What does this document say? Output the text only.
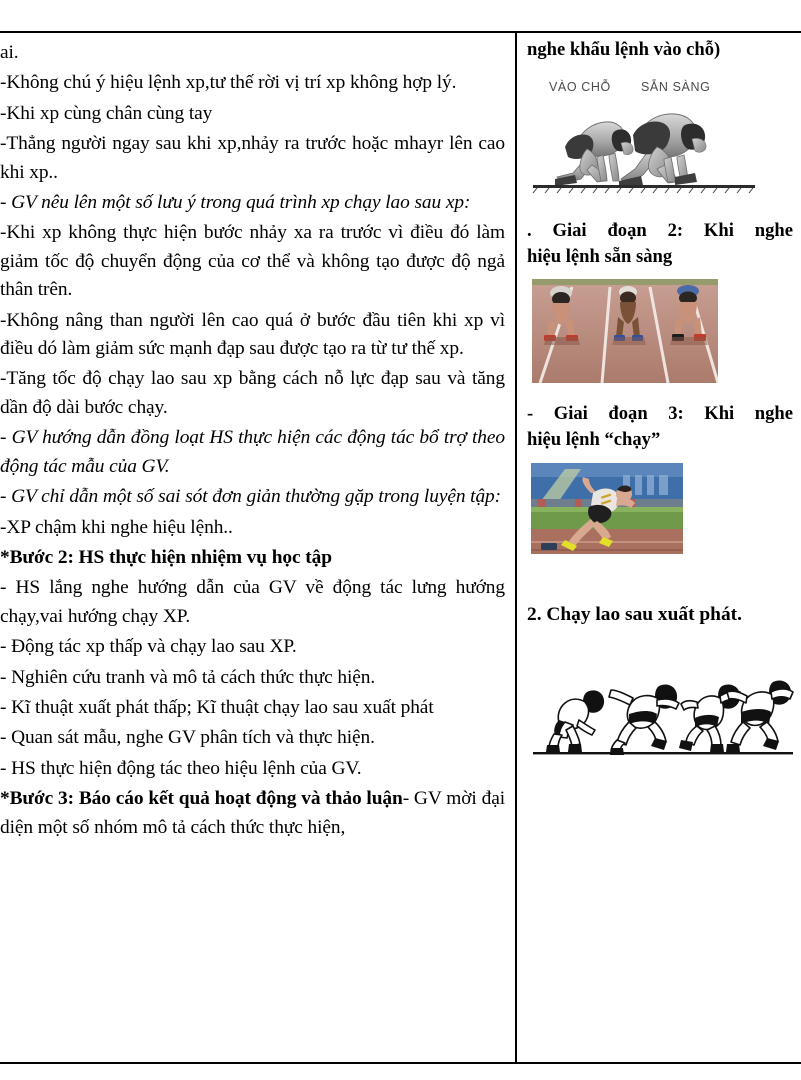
ai.

-Không chú ý hiệu lệnh xp,tư thế rời vị trí xp không hợp lý.

-Khi xp cùng chân cùng tay

-Thẳng người ngay sau khi xp,nhảy ra trước hoặc mhayr lên cao khi xp..

- GV nêu lên một số lưu ý trong quá trình xp chạy lao sau xp:

-Khi xp không thực hiện bước nhảy xa ra trước vì điều đó làm giảm tốc độ chuyển động của cơ thể và không tạo được độ ngả thân trên.

-Không nâng than người lên cao quá ở bước đầu tiên khi xp vì điều dó làm giảm sức mạnh đạp sau được tạo ra từ tư thế xp.

-Tăng tốc độ chạy lao sau xp bằng cách nỗ lực đạp sau và tăng dần độ dài bước chạy.

- GV hướng dẫn đồng loạt HS thực hiện các động tác bổ trợ theo động tác mẫu của GV.

- GV chỉ dẫn một số sai sót đơn giản thường gặp trong luyện tập:

-XP chậm khi nghe hiệu lệnh..

*Bước 2: HS thực hiện nhiệm vụ học tập

- HS lắng nghe hướng dẫn của GV về động tác lưng hướng chạy,vai hướng chạy XP.

- Động tác xp thấp và chạy lao sau XP.

- Nghiên cứu tranh và mô tả cách thức thực hiện.

- Kĩ thuật xuất phát thấp; Kĩ thuật chạy lao sau xuất phát

- Quan sát mẫu, nghe GV phân tích và thực hiện.

- HS thực hiện động tác theo hiệu lệnh của GV.

*Bước 3: Báo cáo kết quả hoạt động và thảo luận- GV mời đại diện một số nhóm mô tả cách thức thực hiện,

nghe khẩu lệnh vào chỗ)

VÀO CHỖ SẴN SÀNG

. Giai đoạn 2: Khi nghe

hiệu lệnh sẵn sàng

- Giai đoạn 3: Khi nghe

hiệu lệnh “chạy”

2. Chạy lao sau xuất phát.
